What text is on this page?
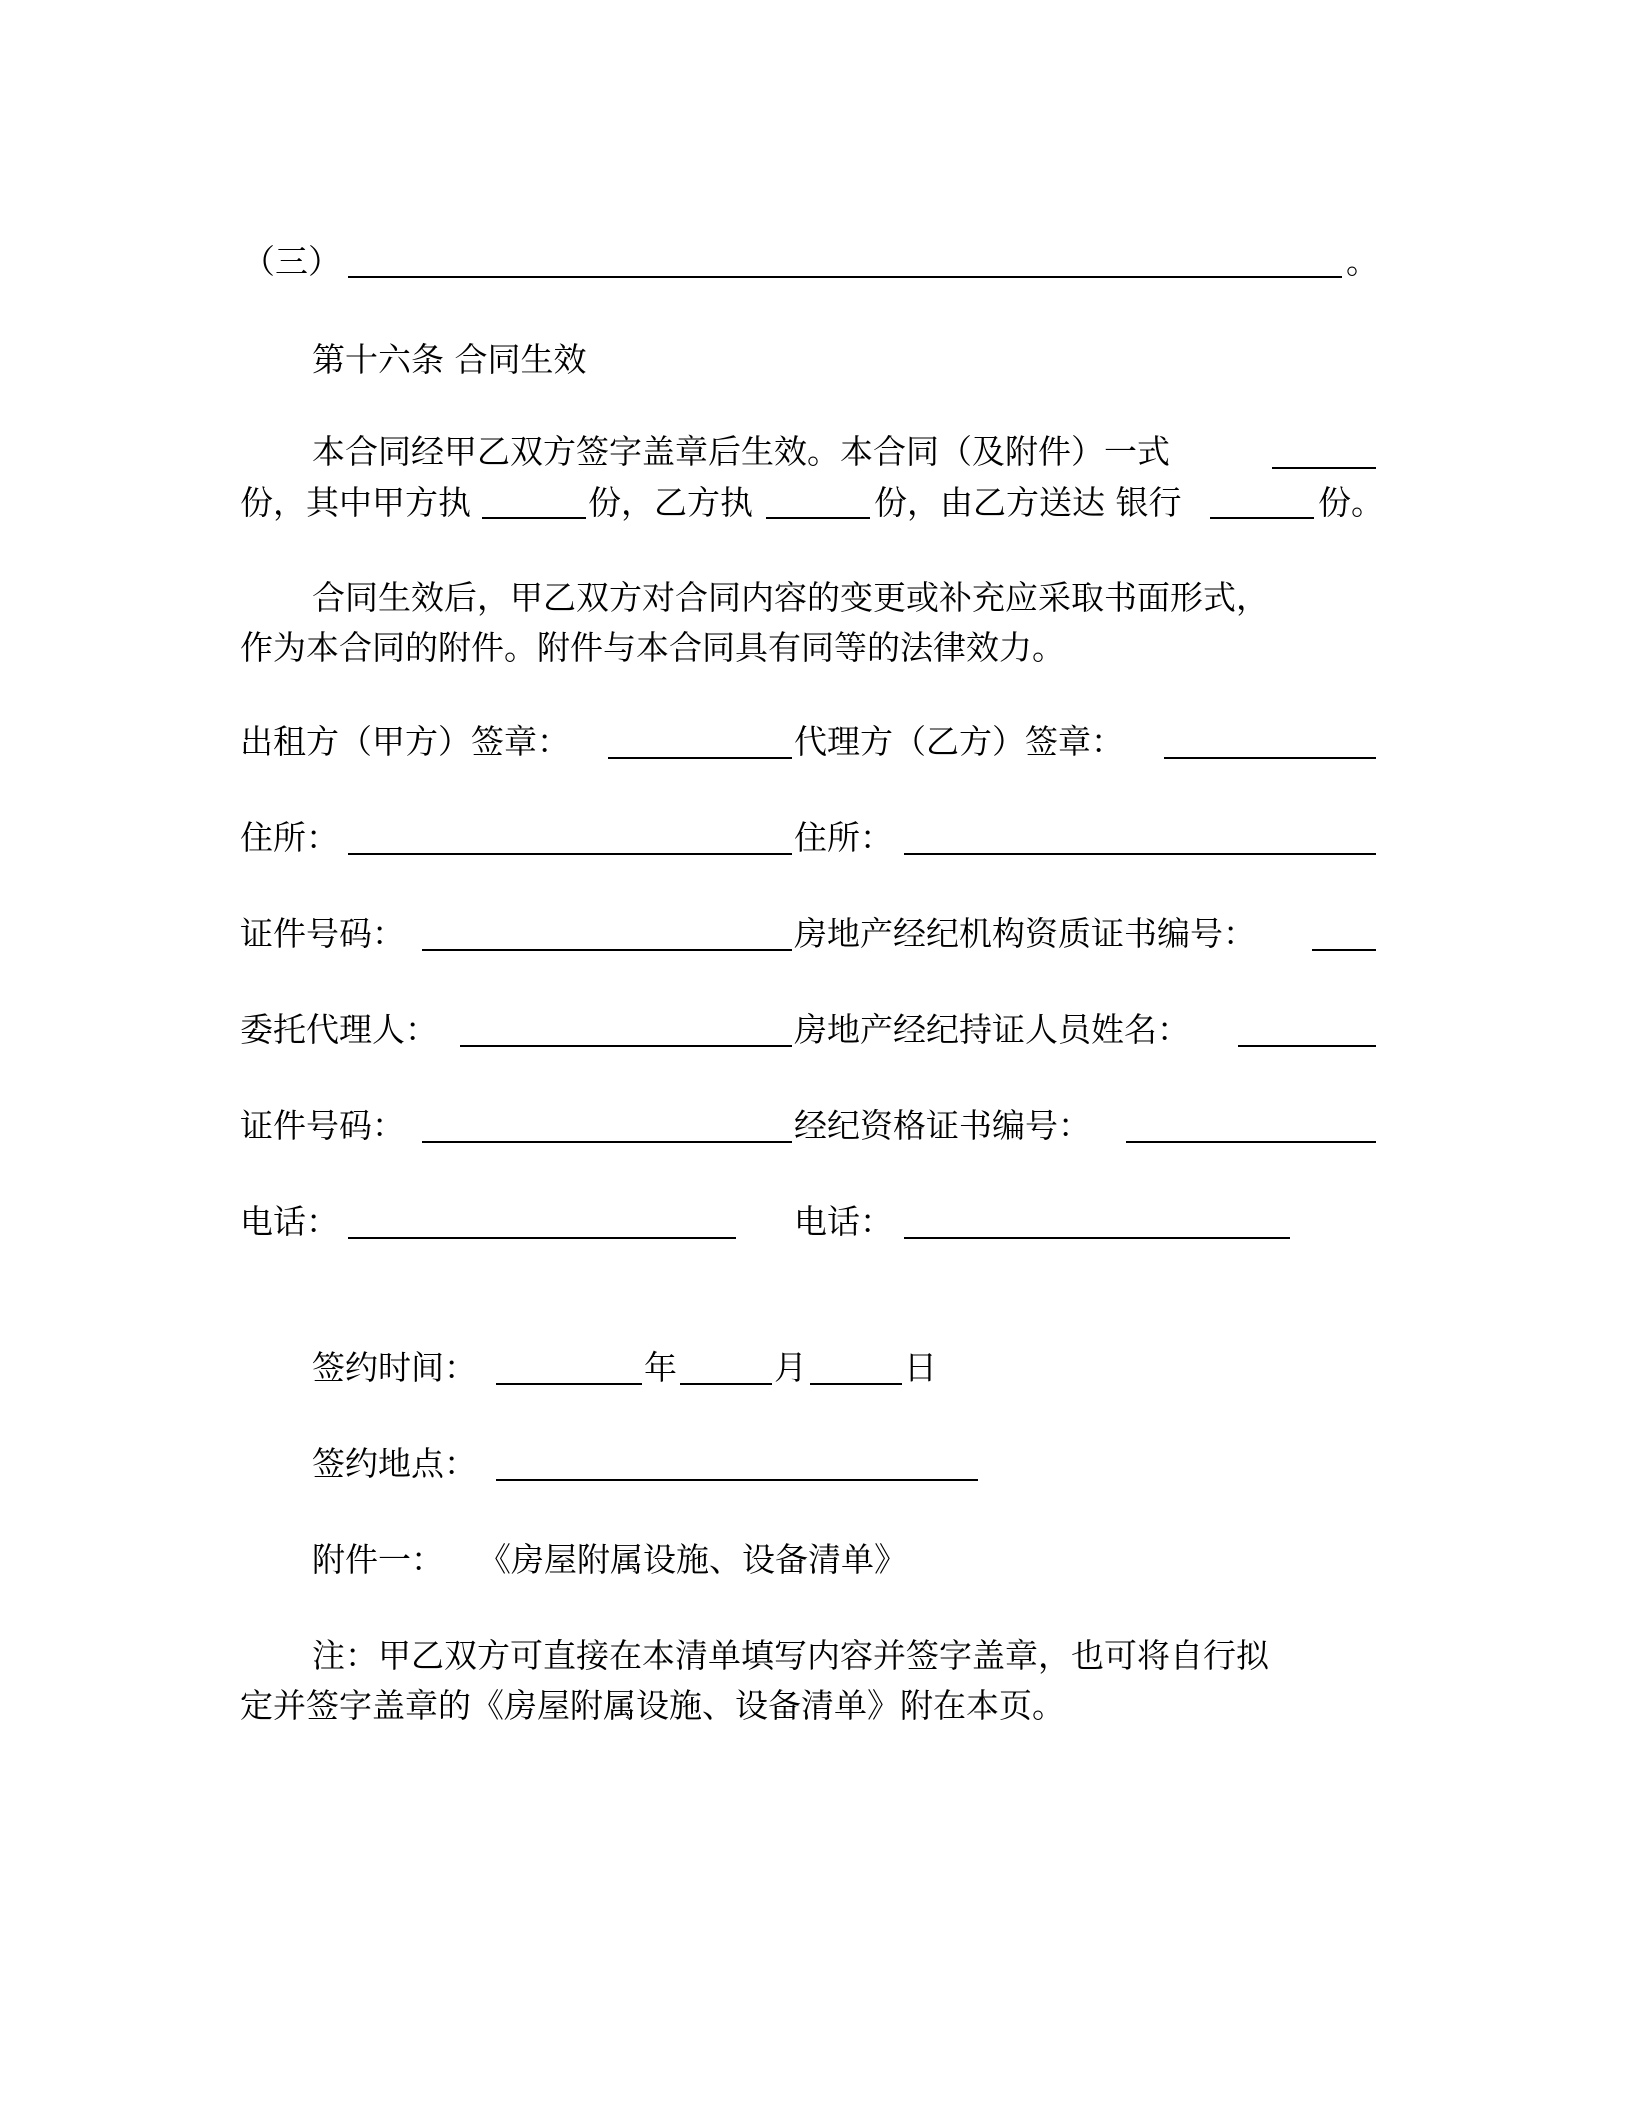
（三）	。
第十六条 合同生效
本合同经甲乙双方签字盖章后生效。本合同（及附件）一式
份，其中甲方执	份，乙方执	份，由乙方送达 银行	份。
合同生效后，甲乙双方对合同内容的变更或补充应采取书面形式，
作为本合同的附件。附件与本合同具有同等的法律效力。
出租方（甲方）签章：	代理方（乙方）签章：
住所：	住所：
证件号码：	房地产经纪机构资质证书编号：
委托代理人：	房地产经纪持证人员姓名：
证件号码：	经纪资格证书编号：
电话：	电话：
签约时间：	年	月	日
签约地点：
附件一： 《房屋附属设施、设备清单》
注：甲乙双方可直接在本清单填写内容并签字盖章，也可将自行拟
定并签字盖章的《房屋附属设施、设备清单》附在本页。
